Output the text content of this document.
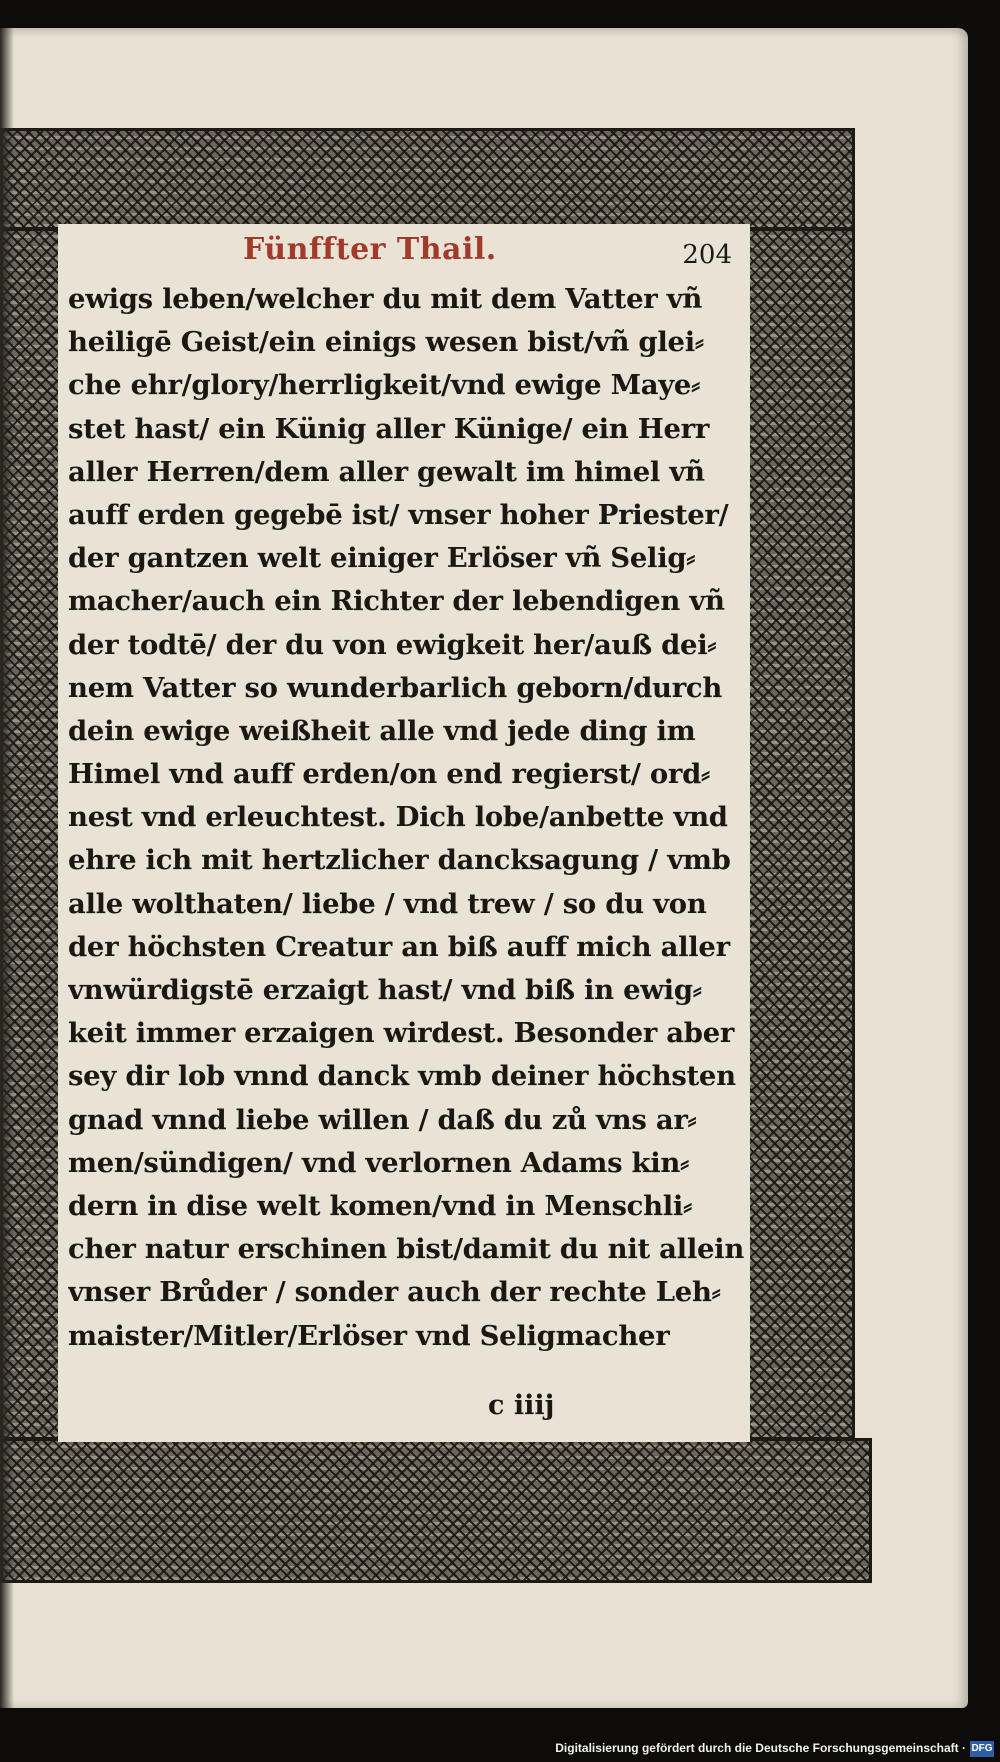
Fünffter Thail.	204
ewigs leben/welcher du mit dem Vatter vñ
heiligē Geist/ein einigs wesen bist/vñ glei⸗
che ehr/glory/herrligkeit/vnd ewige Maye⸗
stet hast/ ein Künig aller Künige/ ein Herr
aller Herren/dem aller gewalt im himel vñ
auff erden gegebē ist/ vnser hoher Priester/
der gantzen welt einiger Erlöser vñ Selig⸗
macher/auch ein Richter der lebendigen vñ
der todtē/ der du von ewigkeit her/auß dei⸗
nem Vatter so wunderbarlich geborn/durch
dein ewige weißheit alle vnd jede ding im
Himel vnd auff erden/on end regierst/ ord⸗
nest vnd erleuchtest. Dich lobe/anbette vnd
ehre ich mit hertzlicher dancksagung / vmb
alle wolthaten/ liebe / vnd trew / so du von
der höchsten Creatur an biß auff mich aller
vnwürdigstē erzaigt hast/ vnd biß in ewig⸗
keit immer erzaigen wirdest. Besonder aber
sey dir lob vnnd danck vmb deiner höchsten
gnad vnnd liebe willen / daß du zů vns ar⸗
men/sündigen/ vnd verlornen Adams kin⸗
dern in dise welt komen/vnd in Menschli⸗
cher natur erschinen bist/damit du nit allein
vnser Brůder / sonder auch der rechte Leh⸗
maister/Mitler/Erlöser vnd Seligmacher
c iiij
Digitalisierung gefördert durch die Deutsche Forschungsgemeinschaft · DFG
